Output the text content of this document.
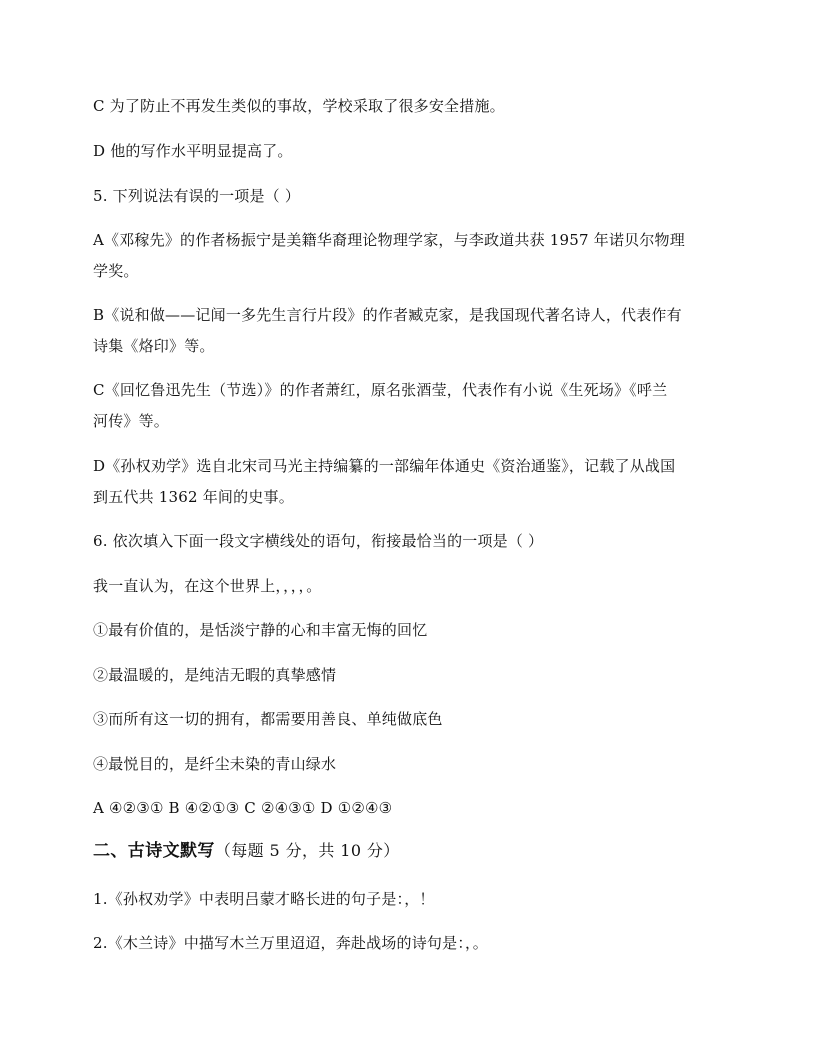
C 为了防止不再发生类似的事故，学校采取了很多安全措施。
D 他的写作水平明显提高了。
5. 下列说法有误的一项是（ ）
A《邓稼先》的作者杨振宁是美籍华裔理论物理学家，与李政道共获 1957 年诺贝尔物理
学奖。
B《说和做——记闻一多先生言行片段》的作者臧克家，是我国现代著名诗人，代表作有
诗集《烙印》等。
C《回忆鲁迅先生（节选）》的作者萧红，原名张酒莹，代表作有小说《生死场》《呼兰
河传》等。
D《孙权劝学》选自北宋司马光主持编纂的一部编年体通史《资治通鉴》，记载了从战国
到五代共 1362 年间的史事。
6. 依次填入下面一段文字横线处的语句，衔接最恰当的一项是（ ）
我一直认为，在这个世界上，，，，。
①最有价值的，是恬淡宁静的心和丰富无悔的回忆
②最温暖的，是纯洁无暇的真挚感情
③而所有这一切的拥有，都需要用善良、单纯做底色
④最悦目的，是纤尘未染的青山绿水
A ④②③① B ④②①③ C ②④③① D ①②④③
二、古诗文默写（每题 5 分，共 10 分）
1.《孙权劝学》中表明吕蒙才略长进的句子是：，！
2.《木兰诗》中描写木兰万里迢迢，奔赴战场的诗句是：，。
